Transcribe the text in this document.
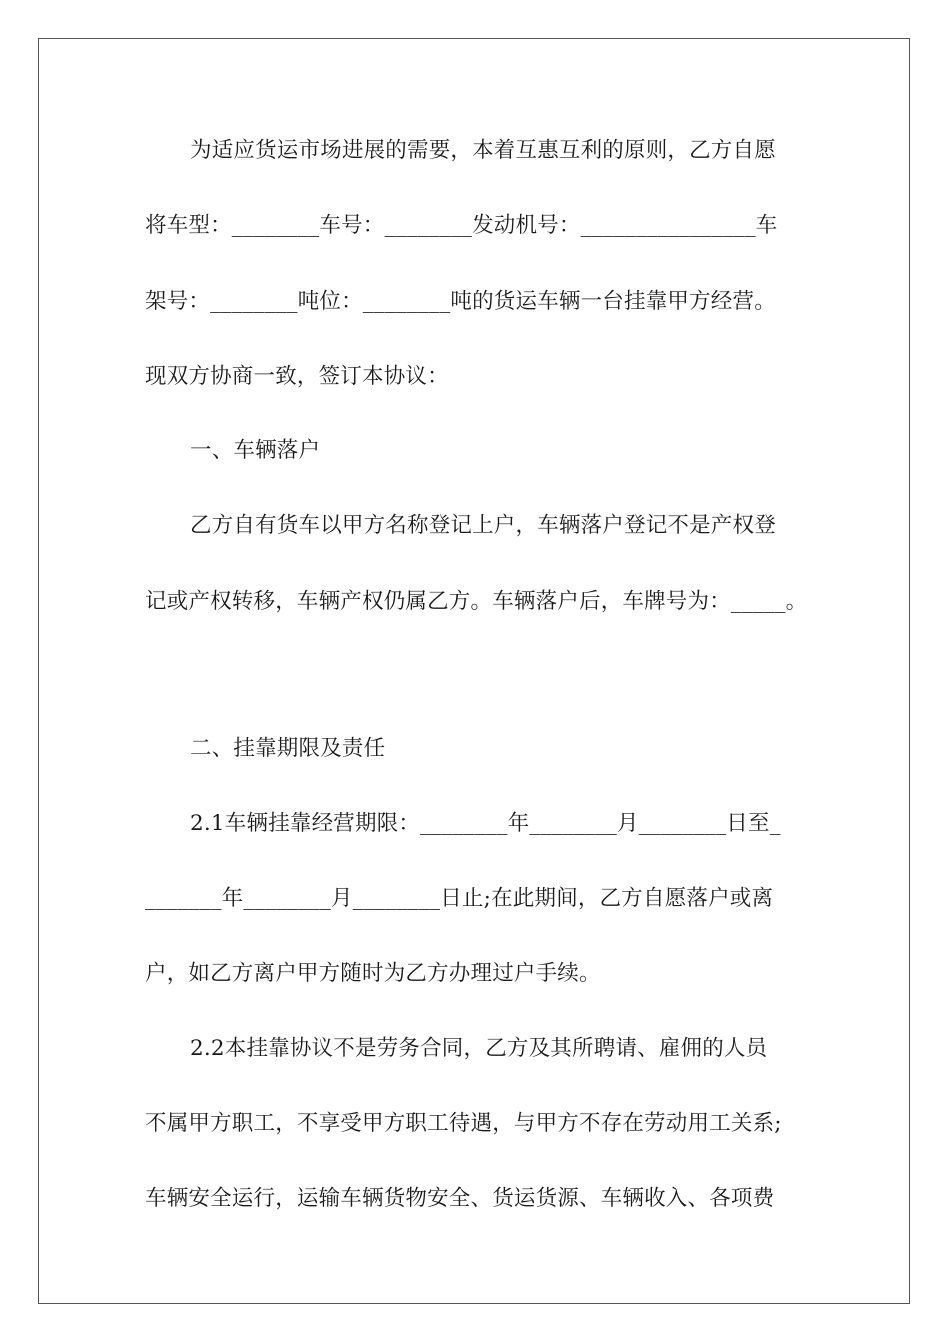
为适应货运市场进展的需要，本着互惠互利的原则，乙方自愿
将车型：________车号：________发动机号：________________车
架号：________吨位：________吨的货运车辆一台挂靠甲方经营。
现双方协商一致，签订本协议：
一、车辆落户
乙方自有货车以甲方名称登记上户，车辆落户登记不是产权登
记或产权转移，车辆产权仍属乙方。车辆落户后，车牌号为：_____。
二、挂靠期限及责任
2.1车辆挂靠经营期限：________年________月________日至_
_______年________月________日止;在此期间，乙方自愿落户或离
户，如乙方离户甲方随时为乙方办理过户手续。
2.2本挂靠协议不是劳务合同，乙方及其所聘请、雇佣的人员
不属甲方职工，不享受甲方职工待遇，与甲方不存在劳动用工关系;
车辆安全运行，运输车辆货物安全、货运货源、车辆收入、各项费
